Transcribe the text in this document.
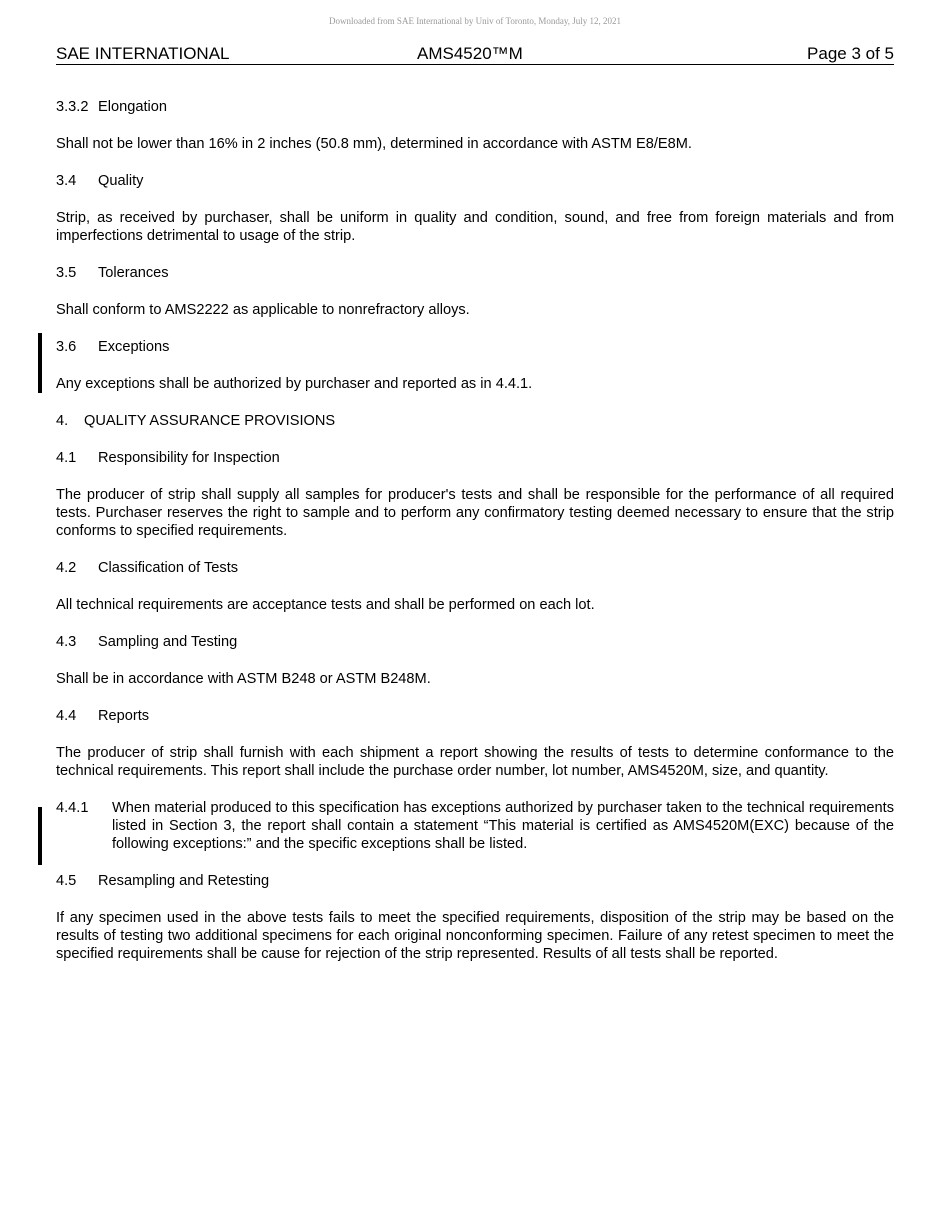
Downloaded from SAE International by Univ of Toronto, Monday, July 12, 2021
SAE INTERNATIONAL	AMS4520™M	Page 3 of 5
3.3.2 Elongation

Shall not be lower than 16% in 2 inches (50.8 mm), determined in accordance with ASTM E8/E8M.

3.4 Quality

Strip, as received by purchaser, shall be uniform in quality and condition, sound, and free from foreign materials and from imperfections detrimental to usage of the strip.

3.5 Tolerances

Shall conform to AMS2222 as applicable to nonrefractory alloys.

3.6 Exceptions

Any exceptions shall be authorized by purchaser and reported as in 4.4.1.

4. QUALITY ASSURANCE PROVISIONS
4.1 Responsibility for Inspection

The producer of strip shall supply all samples for producer's tests and shall be responsible for the performance of all required tests. Purchaser reserves the right to sample and to perform any confirmatory testing deemed necessary to ensure that the strip conforms to specified requirements.

4.2 Classification of Tests

All technical requirements are acceptance tests and shall be performed on each lot.

4.3 Sampling and Testing

Shall be in accordance with ASTM B248 or ASTM B248M.

4.4 Reports

The producer of strip shall furnish with each shipment a report showing the results of tests to determine conformance to the technical requirements. This report shall include the purchase order number, lot number, AMS4520M, size, and quantity.

4.4.1 When material produced to this specification has exceptions authorized by purchaser taken to the technical requirements listed in Section 3, the report shall contain a statement “This material is certified as AMS4520M(EXC) because of the following exceptions:” and the specific exceptions shall be listed.
4.5 Resampling and Retesting

If any specimen used in the above tests fails to meet the specified requirements, disposition of the strip may be based on the results of testing two additional specimens for each original nonconforming specimen. Failure of any retest specimen to meet the specified requirements shall be cause for rejection of the strip represented. Results of all tests shall be reported.
